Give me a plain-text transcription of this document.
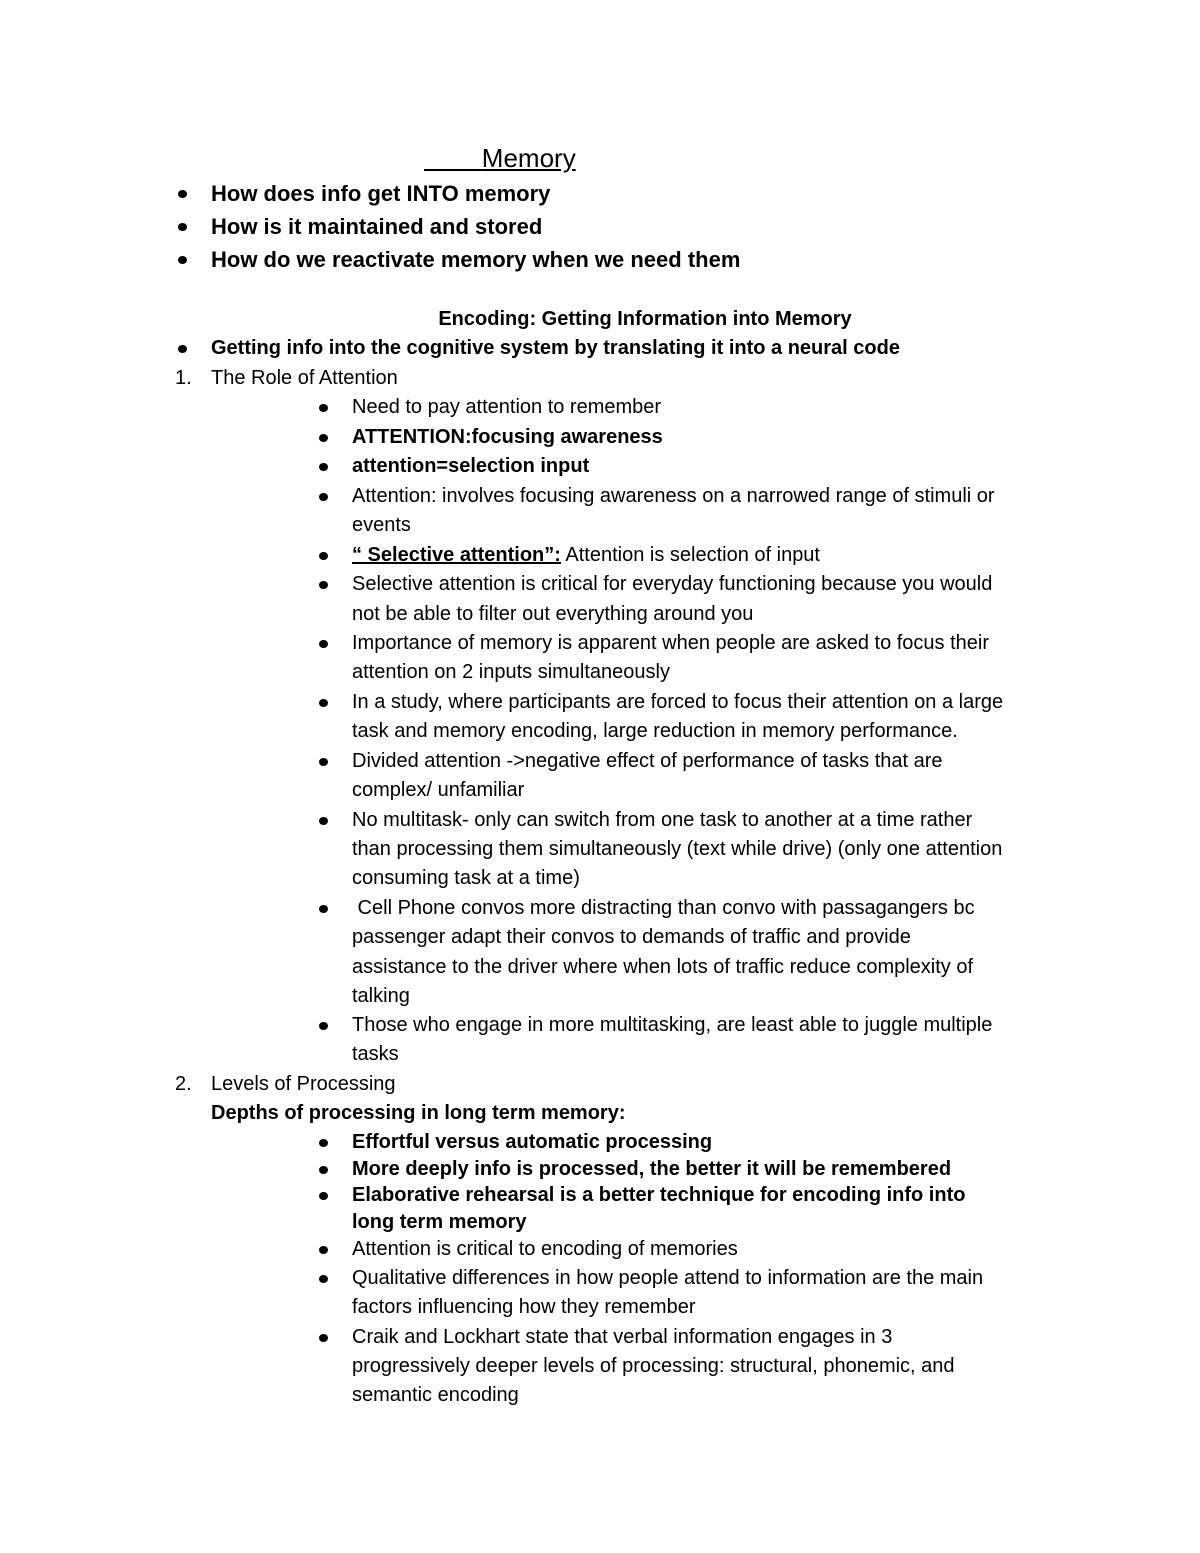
Memory
How does info get INTO memory
How is it maintained and stored
How do we reactivate memory when we need them
Encoding: Getting Information into Memory
Getting info into the cognitive system by translating it into a neural code
1. The Role of Attention
Need to pay attention to remember
ATTENTION:focusing awareness
attention=selection input
Attention: involves focusing awareness on a narrowed range of stimuli or
events
“ Selective attention”: Attention is selection of input
Selective attention is critical for everyday functioning because you would
not be able to filter out everything around you
Importance of memory is apparent when people are asked to focus their
attention on 2 inputs simultaneously
In a study, where participants are forced to focus their attention on a large
task and memory encoding, large reduction in memory performance.
Divided attention ->negative effect of performance of tasks that are
complex/ unfamiliar
No multitask- only can switch from one task to another at a time rather
than processing them simultaneously (text while drive) (only one attention
consuming task at a time)
Cell Phone convos more distracting than convo with passagangers bc
passenger adapt their convos to demands of traffic and provide
assistance to the driver where when lots of traffic reduce complexity of
talking
Those who engage in more multitasking, are least able to juggle multiple
tasks
2. Levels of Processing
Depths of processing in long term memory:
Effortful versus automatic processing
More deeply info is processed, the better it will be remembered
Elaborative rehearsal is a better technique for encoding info into
long term memory
Attention is critical to encoding of memories
Qualitative differences in how people attend to information are the main
factors influencing how they remember
Craik and Lockhart state that verbal information engages in 3
progressively deeper levels of processing: structural, phonemic, and
semantic encoding
